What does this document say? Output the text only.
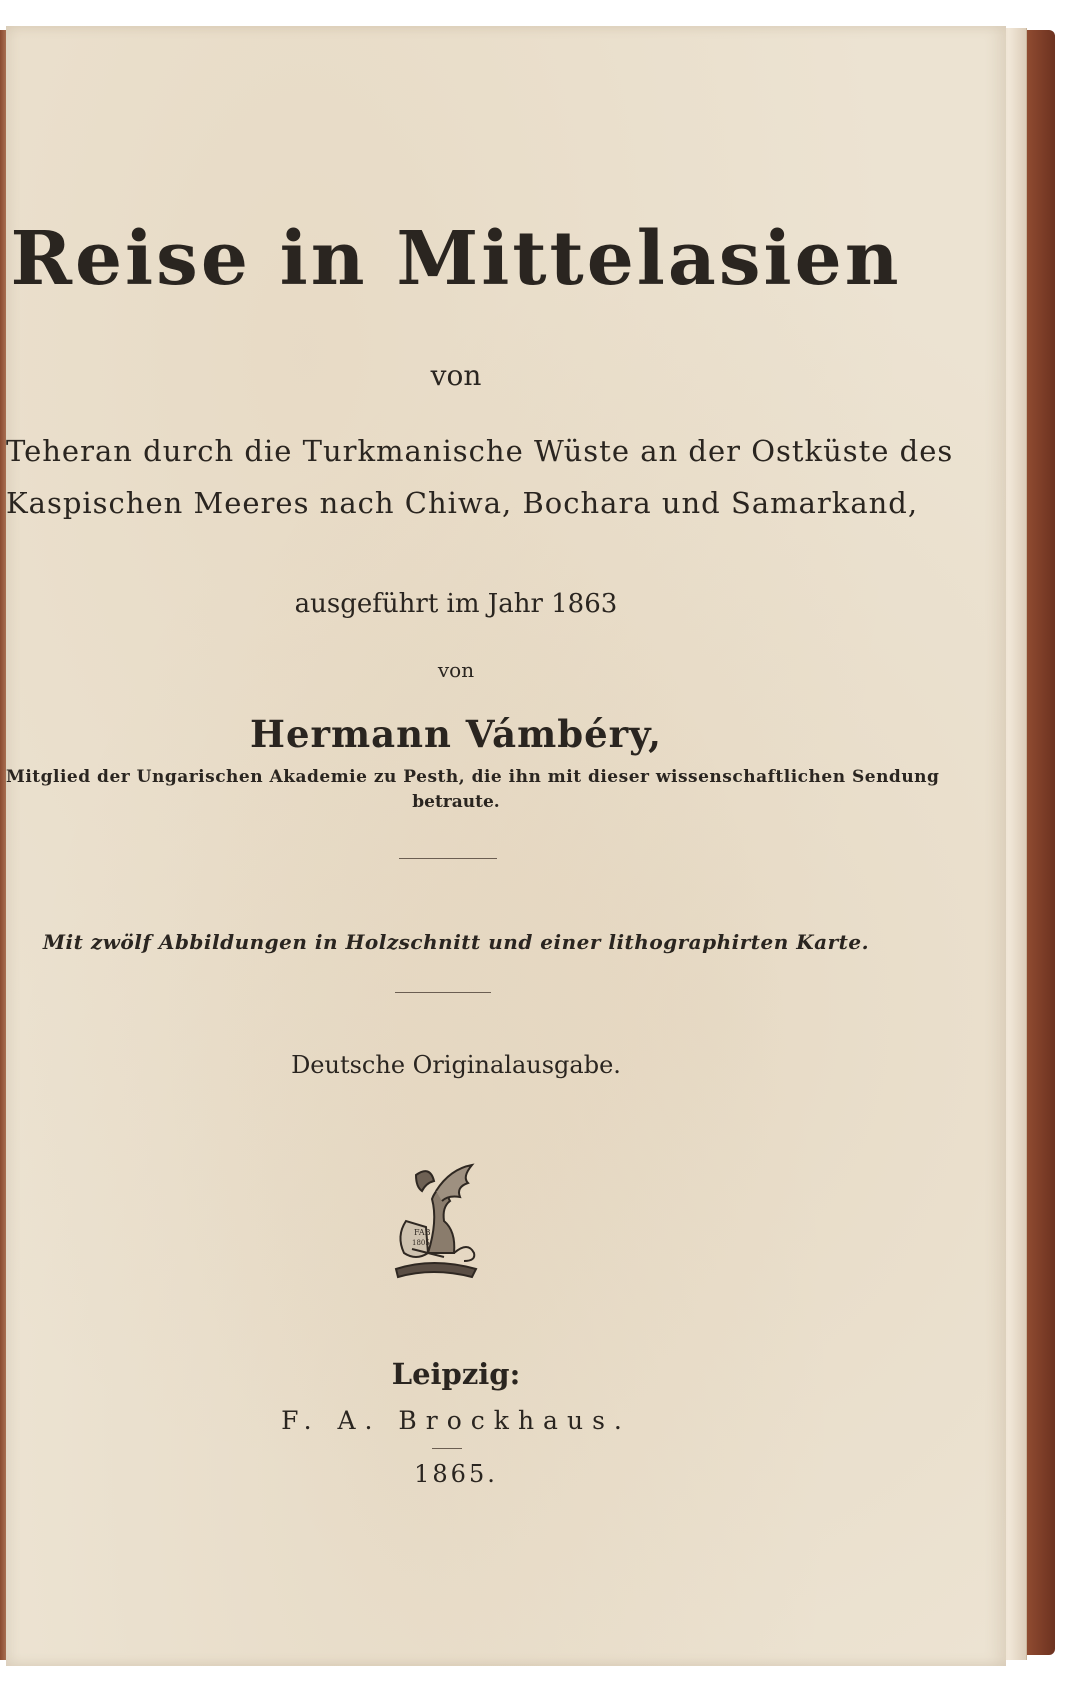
Reise in Mittelasien
von
Teheran durch die Turkmanische Wüste an der Ostküste des
Kaspischen Meeres nach Chiwa, Bochara und Samarkand,
ausgeführt im Jahr 1863
von
Hermann Vámbéry,
Mitglied der Ungarischen Akademie zu Pesth, die ihn mit dieser wissenschaftlichen Sendung
betraute.
Mit zwölf Abbildungen in Holzschnitt und einer lithographirten Karte.
Deutsche Originalausgabe.
FAB
1805
Leipzig:
F. A. Brockhaus.
1865.
